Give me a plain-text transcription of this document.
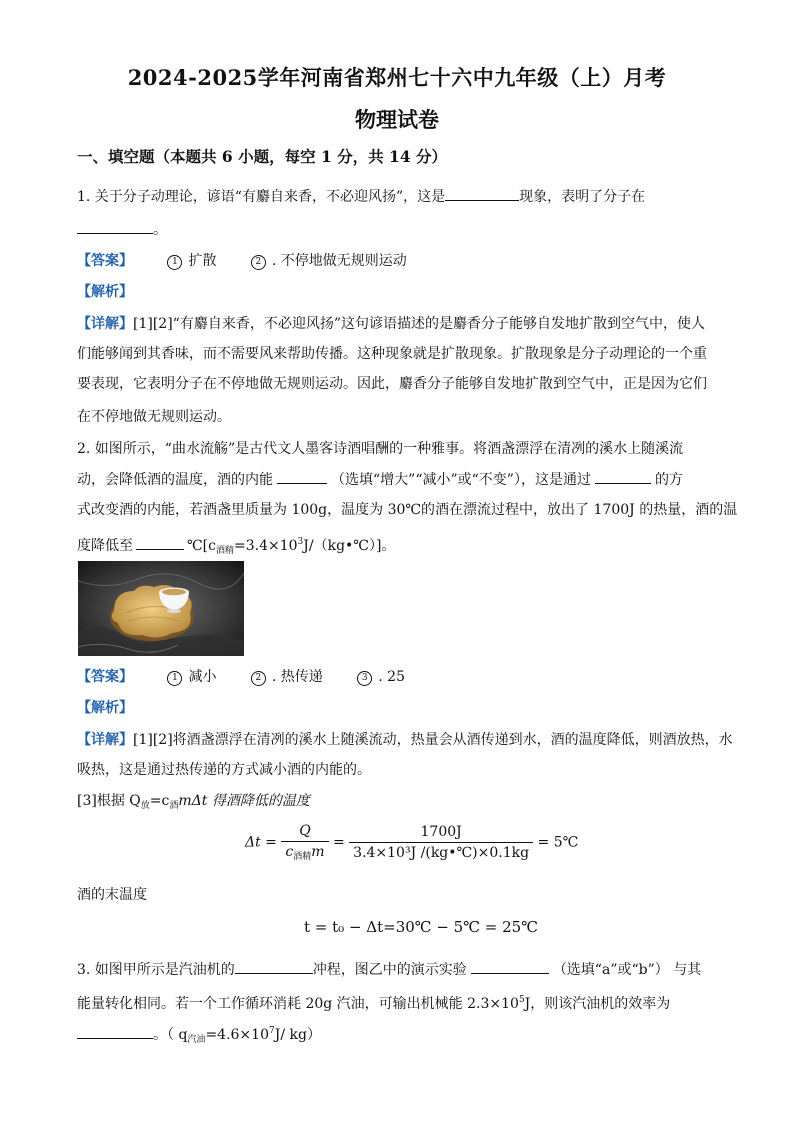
2024-2025学年河南省郑州七十六中九年级（上）月考
物理试卷
一、填空题（本题共 6 小题，每空 1 分，共 14 分）
1. 关于分子动理论，谚语“有麝自来香，不必迎风扬”，这是	现象，表明了分子在
。
【答案】	1 扩散	2 . 不停地做无规则运动
【解析】
【详解】[1][2]“有麝自来香，不必迎风扬”这句谚语描述的是麝香分子能够自发地扩散到空气中，使人
们能够闻到其香味，而不需要风来帮助传播。这种现象就是扩散现象。扩散现象是分子动理论的一个重
要表现，它表明分子在不停地做无规则运动。因此，麝香分子能够自发地扩散到空气中，正是因为它们
在不停地做无规则运动。
2. 如图所示，“曲水流觞”是古代文人墨客诗酒唱酬的一种雅事。将酒盏漂浮在清冽的溪水上随溪流
动，会降低酒的温度，酒的内能	（选填“增大”“减小”或“不变”），这是通过	的方
式改变酒的内能，若酒盏里质量为 100g，温度为 30℃的酒在漂流过程中，放出了 1700J 的热量，酒的温
度降低至	$℃[c_{酒精}=3.4\times 10^3J/(kg•℃)]$。
【答案】	1 减小	2 . 热传递	3 . 25
【解析】
【详解】[1][2]将酒盏漂浮在清冽的溪水上随溪流动，热量会从酒传递到水，酒的温度降低，则酒放热，水
吸热，这是通过热传递的方式减小酒的内能的。
[3]根据 $Q_放=c_酒m\Delta t$ 得酒降低的温度
$\Delta t = \frac{Q}{c_{酒精}m} = \frac{1700J}{\text{3.4×10³J /(kg•℃)×0.1kg}}$ = 5℃
酒的末温度
t = t₀ − Δt=30℃ − 5℃ = 25℃
3. 如图甲所示是汽油机的	冲程，图乙中的演示实验	（选填“a”或“b”） 与其
能量转化相同。若一个工作循环消耗 20g 汽油，可输出机械能 $2.3\times 10^5J$，则该汽油机的效率为
。（ $q_{汽油}=4.6\times 10^7J/$ kg）
